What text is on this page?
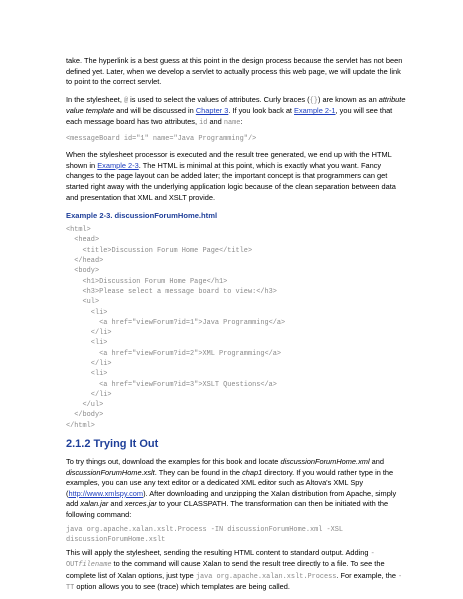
take. The hyperlink is a best guess at this point in the design process because the servlet has not been defined yet. Later, when we develop a servlet to actually process this web page, we will update the link to point to the correct servlet.

In the stylesheet, @ is used to select the values of attributes. Curly braces ({}) are known as an attribute value template and will be discussed in Chapter 3. If you look back at Example 2-1, you will see that each message board has two attributes, id and name:

<messageBoard id="1" name="Java Programming"/>

When the stylesheet processor is executed and the result tree generated, we end up with the HTML shown in Example 2-3. The HTML is minimal at this point, which is exactly what you want. Fancy changes to the page layout can be added later; the important concept is that programmers can get started right away with the underlying application logic because of the clean separation between data and presentation that XML and XSLT provide.

Example 2-3. discussionForumHome.html
<html>
<head>
<title>Discussion Forum Home Page</title>
</head>
<body>
<h1>Discussion Forum Home Page</h1>
<h3>Please select a message board to view:</h3>
<ul>
<li>
<a href="viewForum?id=1">Java Programming</a>
</li>
<li>
<a href="viewForum?id=2">XML Programming</a>
</li>
<li>
<a href="viewForum?id=3">XSLT Questions</a>
</li>
</ul>
</body>
</html>
2.1.2 Trying It Out

To try things out, download the examples for this book and locate discussionForumHome.xml and discussionForumHome.xslt. They can be found in the chap1 directory. If you would rather type in the examples, you can use any text editor or a dedicated XML editor such as Altova's XML Spy (http://www.xmlspy.com). After downloading and unzipping the Xalan distribution from Apache, simply add xalan.jar and xerces.jar to your CLASSPATH. The transformation can then be initiated with the following command:

java org.apache.xalan.xslt.Process -IN discussionForumHome.xml -XSL
discussionForumHome.xslt

This will apply the stylesheet, sending the resulting HTML content to standard output. Adding -OUTfilename to the command will cause Xalan to send the result tree directly to a file. To see the complete list of Xalan options, just type java org.apache.xalan.xslt.Process. For example, the -TT option allows you to see (trace) which templates are being called.
